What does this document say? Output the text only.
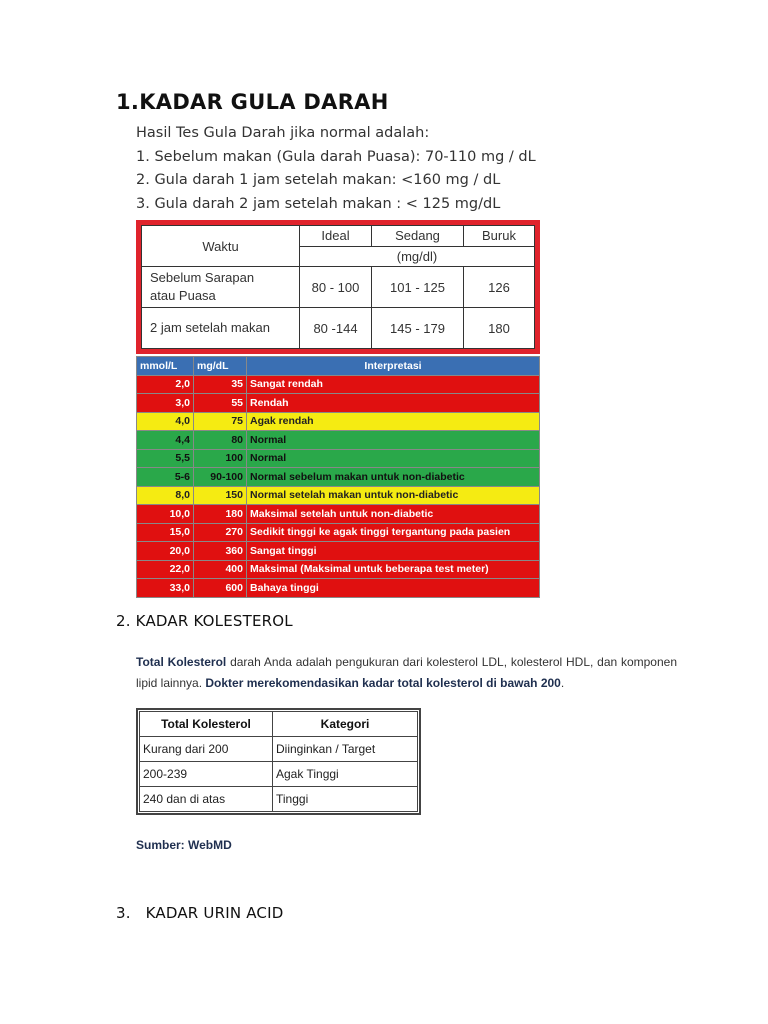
1.KADAR GULA DARAH
Hasil Tes Gula Darah jika normal adalah:
1. Sebelum makan (Gula darah Puasa): 70-110 mg / dL
2. Gula darah 1 jam setelah makan: <160 mg / dL
3. Gula darah 2 jam setelah makan : < 125 mg/dL
Waktu	Ideal	Sedang	Buruk
	(mg/dl)		

Sebelum Sarapan
atau Puasa	80 - 100	101 - 125	126
2 jam setelah makan	80 -144	145 - 179	180
mmol/L	mg/dL	Interpretasi
2,0	35	Sangat rendah
3,0	55	Rendah
4,0	75	Agak rendah
4,4	80	Normal
5,5	100	Normal
5-6	90-100	Normal sebelum makan untuk non-diabetic
8,0	150	Normal setelah makan untuk non-diabetic
10,0	180	Maksimal setelah untuk non-diabetic
15,0	270	Sedikit tinggi ke agak tinggi tergantung pada pasien
20,0	360	Sangat tinggi
22,0	400	Maksimal (Maksimal untuk beberapa test meter)
33,0	600	Bahaya tinggi
2. KADAR KOLESTEROL
Total Kolesterol darah Anda adalah pengukuran dari kolesterol LDL, kolesterol HDL, dan komponen lipid lainnya. Dokter merekomendasikan kadar total kolesterol di bawah 200.
Total Kolesterol	Kategori
Kurang dari 200	Diinginkan / Target
200-239	Agak Tinggi
240 dan di atas	Tinggi
Sumber: WebMD
3.   KADAR URIN ACID
